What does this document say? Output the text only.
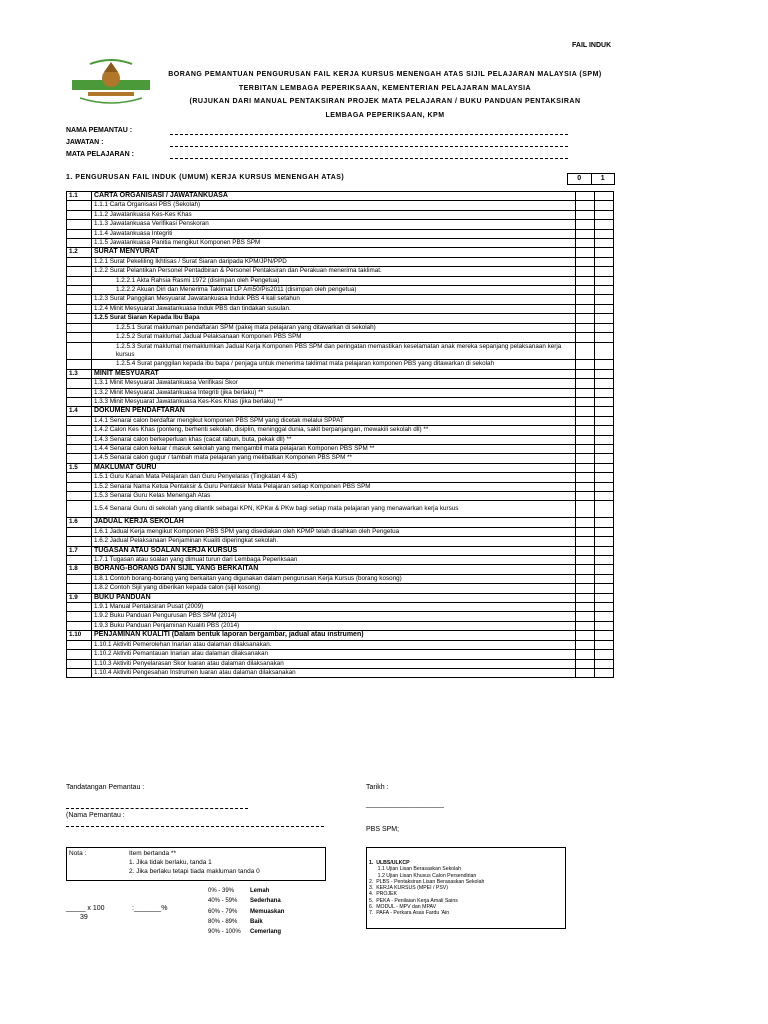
FAIL INDUK
BORANG PEMANTUAN PENGURUSAN FAIL KERJA KURSUS MENENGAH ATAS SIJIL PELAJARAN MALAYSIA (SPM)
TERBITAN LEMBAGA PEPERIKSAAN, KEMENTERIAN PELAJARAN MALAYSIA
(RUJUKAN DARI MANUAL PENTAKSIRAN PROJEK MATA PELAJARAN / BUKU PANDUAN PENTAKSIRAN
LEMBAGA PEPERIKSAAN, KPM
NAMA PEMANTAU :
JAWATAN :
MATA PELAJARAN :
1. PENGURUSAN FAIL INDUK (UMUM) KERJA KURSUS MENENGAH ATAS)	0	1
1.1	CARTA ORGANISASI / JAWATANKUASA		
	1.1.1 Carta Organisasi PBS (Sekolah)		
	1.1.2 Jawatankuasa Kes-Kes Khas		
	1.1.3 Jawatankuasa Verifikasi Penskoran		
	1.1.4 Jawatankuasa Integriti		
	1.1.5 Jawatankuasa Panitia mengikut Komponen PBS SPM		
1.2	SURAT MENYURAT		
	1.2.1 Surat Pekeliling Ikhtisas / Surat Siaran daripada KPM/JPN/PPD		
	1.2.2 Surat Pelantikan Personel Pentadbiran & Personel Pentaksiran dan Perakuan menerima taklimat.		
	1.2.2.1 Akta Rahsia Rasmi 1972 (disimpan oleh Pengetua)		
	1.2.2.2 Akuan Diri dan Menerima Taklimat LP Am50/Pis2011 (disimpan oleh pengetua)		
	1.2.3 Surat Panggilan Mesyuarat Jawatankuasa Induk PBS 4 kali setahun		
	1.2.4 Minit Mesyuarat Jawatankuasa Induk PBS dan tindakan susulan.		
	1.2.5 Surat Siaran Kepada Ibu Bapa		
	1.2.5.1 Surat makluman pendaftaran SPM (pakej mata pelajaran yang ditawarkan di sekolah)		
	1.2.5.2 Surat maklumat Jadual Pelaksanaan Komponen PBS SPM		
	1.2.5.3 Surat maklumat memaklumkan Jadual Kerja Komponen PBS SPM dan peringatan memastikan keselamatan anak mereka sepanjang pelaksanaan kerja kursus		
	1.2.5.4 Surat panggilan kepada ibu bapa / penjaga untuk menerima taklimat mata pelajaran komponen PBS yang ditawarkan di sekolah		
1.3	MINIT MESYUARAT		
	1.3.1 Minit Mesyuarat Jawatankuasa Verifikasi Skor		
	1.3.2 Minit Mesyuarat Jawatankuasa Integriti (jika berlaku) **		
	1.3.3 Minit Mesyuarat Jawatankuasa Kes-Kes Khas (jika berlaku) **		
1.4	DOKUMEN PENDAFTARAN		
	1.4.1 Senarai calon berdaftar mengikut komponen PBS SPM yang dicetak melalui SPPAT		
	1.4.2 Calon Kes Khas (ponteng, berhenti sekolah, disiplin, meninggal dunia, sakit berpanjangan, mewakili sekolah dll) **		
	1.4.3 Senarai calon berkeperluan khas (cacat rabun, buta, pekak dll) **		
	1.4.4 Senarai calon keluar / masuk sekolah yang mengambil mata pelajaran Komponen PBS SPM **		
	1.4.5 Senarai calon gugur / tambah mata pelajaran yang melibatkan Komponen PBS SPM **		
1.5	MAKLUMAT GURU		
	1.5.1 Guru Kanan Mata Pelajaran dan Guru Penyelaras (Tingkatan 4 &5)		
	1.5.2 Senarai Nama Ketua Pentaksir & Guru Pentaksir Mata Pelajaran setiap Komponen PBS SPM		
	1.5.3 Senarai Guru Kelas Menengah Atas		
	1.5.4 Senarai Guru di sekolah yang dilantik sebagai KPN, KPKw & PKw bagi setiap mata pelajaran yang menawarkan kerja kursus		
1.6	JADUAL KERJA SEKOLAH		
	1.6.1 Jadual Kerja mengikut Komponen PBS SPM yang disediakan oleh KPMP telah disahkan oleh Pengetua		
	1.6.2 Jadual Pelaksanaan Penjaminan Kualiti diperingkat sekolah.		
1.7	TUGASAN ATAU SOALAN KERJA KURSUS		
	1.7.1 Tugasan atau soalan yang dimuat turun dari Lembaga Peperiksaan		
1.8	BORANG-BORANG DAN SIJIL YANG BERKAITAN		
	1.8.1 Contoh borang-borang yang berkaitan yang digunakan dalam pengurusan Kerja Kursus (borang kosong)		
	1.8.2 Contoh Sijil yang diberikan kepada calon (sijil kosong)		
1.9	BUKU PANDUAN		
	1.9.1 Manual Pentaksiran Pusat (2009)		
	1.9.2 Buku Panduan Pengurusan PBS SPM (2014)		
	1.9.3 Buku Panduan Penjaminan Kualiti PBS (2014)		
1.10	PENJAMINAN KUALITI (Dalam bentuk laporan bergambar, jadual atau instrumen)		
	1.10.1 Aktiviti Pemerolehan Inarian atau dalaman dilaksanakan.		
	1.10.2 Aktiviti Pemantauan Inarian atau dalaman dilaksanakan		
	1.10.3 Aktiviti Penyelarasan Skor luaran atau dalaman dilaksanakan		
	1.10.4 Aktiviti Pengesahan Instrumen luaran atau dalaman dilaksanakan		
Tandatangan Pemantau :	Tarikh :
____________________
(Nama Pemantau :
PBS SPM;
Nota :	Item bertanda **
1. Jika tidak berlaku, tanda 1
2. Jika berlaku tetapi tiada makluman tanda 0
1.  ULBS/ULKCP
1.1 Ujian Lisan Berasaskan Sekolah
1.2 Ujian Lisan Khusus Calon Persendirian
2.  PLBS - Pentaksiran Lisan Berasaskan Sekolah
3.  KERJA KURSUS (MPEI / PSV)
4.  PROJEK
5.  PEKA - Penilaian Kerja Amali Sains
6.  MODUL - MPV dan MPAV
7.  PAFA - Perkara Asas Fardu 'Ain
_____ x 100
39
:_______%
0% - 39%	Lemah
40% - 59%	Sederhana
60% - 79%	Memuaskan
80% - 89%	Baik
90% - 100%	Cemerlang
